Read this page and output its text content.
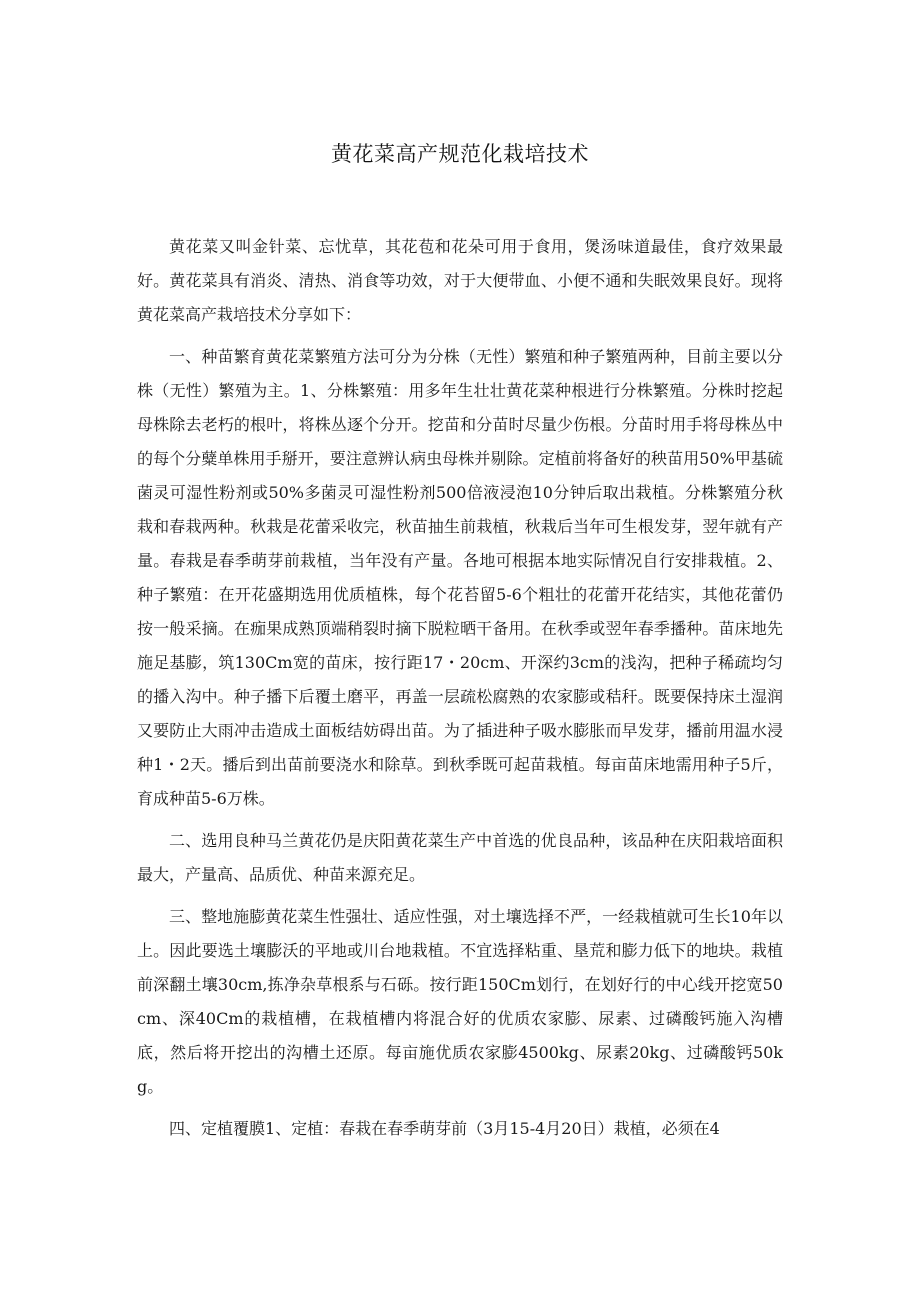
黄花菜高产规范化栽培技术

黄花菜又叫金针菜、忘忧草，其花苞和花朵可用于食用，煲汤味道最佳，食疗效果最好。黄花菜具有消炎、清热、消食等功效，对于大便带血、小便不通和失眠效果良好。现将黄花菜高产栽培技术分享如下：

一、种苗繁育黄花菜繁殖方法可分为分株（无性）繁殖和种子繁殖两种，目前主要以分株（无性）繁殖为主。1、分株繁殖：用多年生壮壮黄花菜种根进行分株繁殖。分株时挖起母株除去老朽的根叶，将株丛逐个分开。挖苗和分苗时尽量少伤根。分苗时用手将母株丛中的每个分糵单株用手掰开，要注意辨认病虫母株并剔除。定植前将备好的秧苗用50%甲基硫菌灵可湿性粉剂或50%多菌灵可湿性粉剂500倍液浸泡10分钟后取出栽植。分株繁殖分秋栽和春栽两种。秋栽是花蕾采收完，秋苗抽生前栽植，秋栽后当年可生根发芽，翌年就有产量。春栽是春季萌芽前栽植，当年没有产量。各地可根据本地实际情况自行安排栽植。2、种子繁殖：在开花盛期选用优质植株，每个花苔留5-6个粗壮的花蕾开花结实，其他花蕾仍按一般采摘。在痂果成熟顶端稍裂时摘下脱粒晒干备用。在秋季或翌年春季播种。苗床地先施足基膨，筑130Cm宽的苗床，按行距17・20cm、开深约3cm的浅沟，把种子稀疏均匀的播入沟中。种子播下后覆土磨平，再盖一层疏松腐熟的农家膨或秸秆。既要保持床土湿润又要防止大雨冲击造成土面板结妨碍出苗。为了插进种子吸水膨胀而早发芽，播前用温水浸种1・2天。播后到出苗前要浇水和除草。到秋季既可起苗栽植。每亩苗床地需用种子5斤，育成种苗5-6万株。

二、选用良种马兰黄花仍是庆阳黄花菜生产中首选的优良品种，该品种在庆阳栽培面积最大，产量高、品质优、种苗来源充足。

三、整地施膨黄花菜生性强壮、适应性强，对土壤选择不严，一经栽植就可生长10年以上。因此要选土壤膨沃的平地或川台地栽植。不宜选择粘重、垦荒和膨力低下的地块。栽植前深翻土壤30cm,拣净杂草根系与石砾。按行距150Cm划行，在划好行的中心线开挖宽50cm、深40Cm的栽植槽，在栽植槽内将混合好的优质农家膨、尿素、过磷酸钙施入沟槽底，然后将开挖出的沟槽土还原。每亩施优质农家膨4500kg、尿素20kg、过磷酸钙50kg。

四、定植覆膜1、定植：春栽在春季萌芽前（3月15-4月20日）栽植，必须在4
